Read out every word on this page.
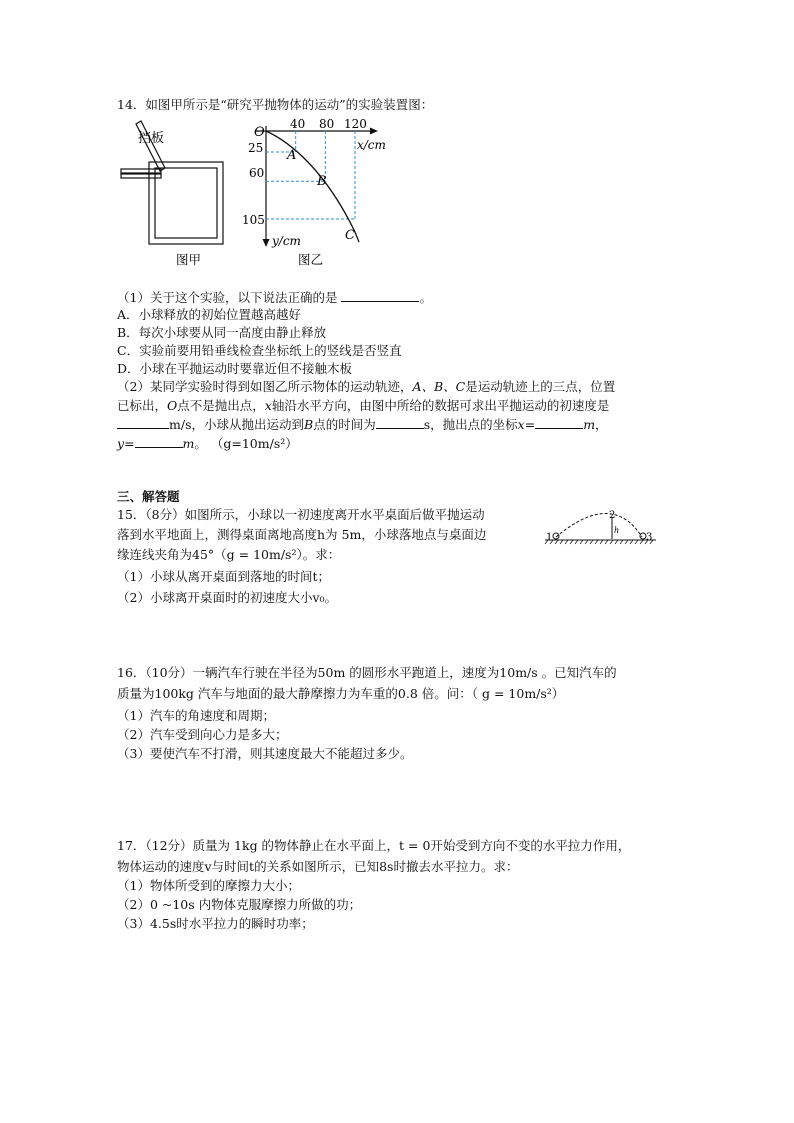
14．如图甲所示是“研究平抛物体的运动”的实验装置图：
挡板
图甲
O
40 80 120
25
60
105
x/cm
y/cm
A
B
C
图乙
1
2
3
h
（1）关于这个实验，以下说法正确的是	。
A．小球释放的初始位置越高越好
B．每次小球要从同一高度由静止释放
C．实验前要用铅垂线检查坐标纸上的竖线是否竖直
D．小球在平抛运动时要靠近但不接触木板
（2）某同学实验时得到如图乙所示物体的运动轨迹，A、B、C是运动轨迹上的三点，位置
已标出，O点不是抛出点，x轴沿水平方向，由图中所给的数据可求出平抛运动的初速度是
m/s，小球从抛出运动到B点的时间为	s，抛出点的坐标x=	m，
y=	m。 （g=10m/s²）
三、解答题
15．（8分）如图所示，小球以一初速度离开水平桌面后做平抛运动
落到水平地面上，测得桌面离地高度h为 5m，小球落地点与桌面边
缘连线夹角为45°（g = 10m/s²）。求：
（1）小球从离开桌面到落地的时间t；
（2）小球离开桌面时的初速度大小v₀。
16．（10分）一辆汽车行驶在半径为50m 的圆形水平跑道上，速度为10m/s 。已知汽车的
质量为100kg 汽车与地面的最大静摩擦力为车重的0.8 倍。问：（ g = 10m/s²）
（1）汽车的角速度和周期；
（2）汽车受到向心力是多大；
（3）要使汽车不打滑，则其速度最大不能超过多少。
17．（12分）质量为 1kg 的物体静止在水平面上，t = 0开始受到方向不变的水平拉力作用，
物体运动的速度v与时间t的关系如图所示，已知8s时撤去水平拉力。求：
（1）物体所受到的摩擦力大小；
（2）0 ~10s 内物体克服摩擦力所做的功；
（3）4.5s时水平拉力的瞬时功率；
